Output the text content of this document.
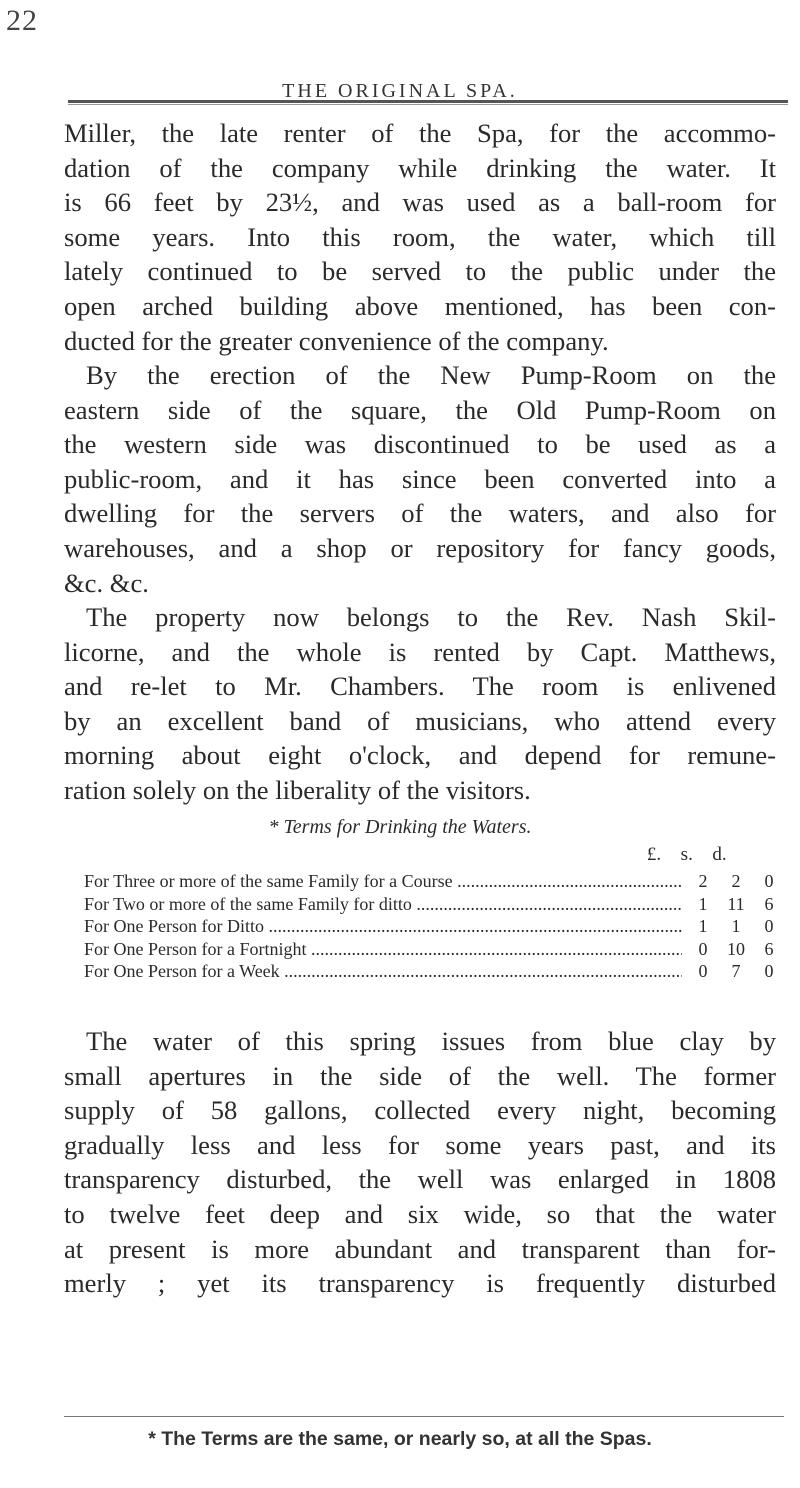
22
THE ORIGINAL SPA.

Miller, the late renter of the Spa, for the accommo-
dation of the company while drinking the water. It
is 66 feet by 23½, and was used as a ball-room for
some years. Into this room, the water, which till
lately continued to be served to the public under the
open arched building above mentioned, has been con-
ducted for the greater convenience of the company.

By the erection of the New Pump-Room on the
eastern side of the square, the Old Pump-Room on
the western side was discontinued to be used as a
public-room, and it has since been converted into a
dwelling for the servers of the waters, and also for
warehouses, and a shop or repository for fancy goods,
&c. &c.

The property now belongs to the Rev. Nash Skil-
licorne, and the whole is rented by Capt. Matthews,
and re-let to Mr. Chambers. The room is enlivened
by an excellent band of musicians, who attend every
morning about eight o'clock, and depend for remune-
ration solely on the liberality of the visitors.

* Terms for Drinking the Waters.
£. s. d.
For Three or more of the same Family for a Course .....	2	2	0
For Two or more of the same Family for ditto .....	1	11	6
For One Person for Ditto .....	1	1	0
For One Person for a Fortnight .....	0	10	6
For One Person for a Week .....	0	7	0

The water of this spring issues from blue clay by
small apertures in the side of the well. The former
supply of 58 gallons, collected every night, becoming
gradually less and less for some years past, and its
transparency disturbed, the well was enlarged in 1808
to twelve feet deep and six wide, so that the water
at present is more abundant and transparent than for-
merly ; yet its transparency is frequently disturbed

* The Terms are the same, or nearly so, at all the Spas.
